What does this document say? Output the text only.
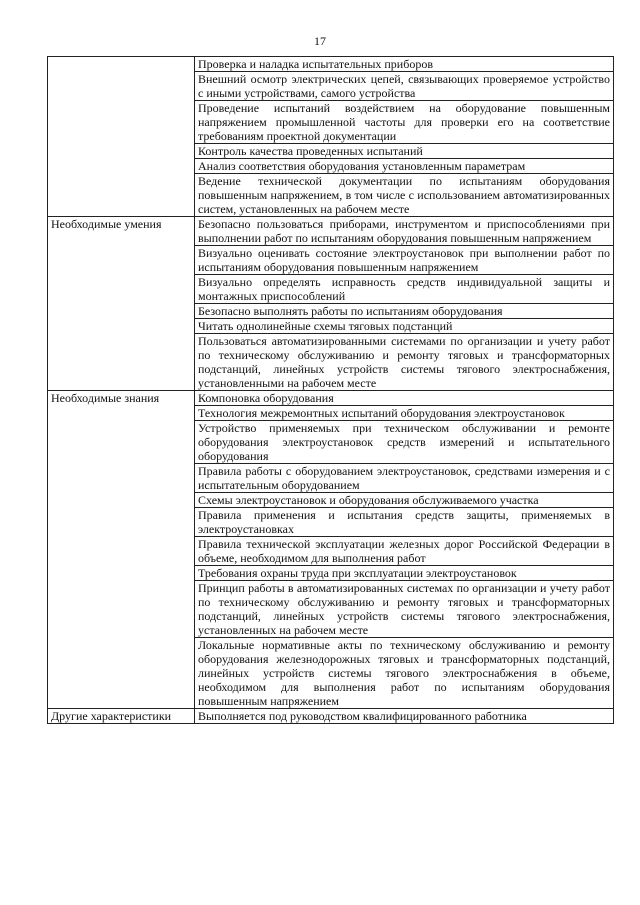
17
	Проверка и наладка испытательных приборов
	Внешний осмотр электрических цепей, связывающих проверяемое устройство с иными устройствами, самого устройства
	Проведение испытаний воздействием на оборудование повышенным напряжением промышленной частоты для проверки его на соответствие требованиям проектной документации
	Контроль качества проведенных испытаний
	Анализ соответствия оборудования установленным параметрам
	Ведение технической документации по испытаниям оборудования повышенным напряжением, в том числе с использованием автоматизированных систем, установленных на рабочем месте
Необходимые умения	Безопасно пользоваться приборами, инструментом и приспособлениями при выполнении работ по испытаниям оборудования повышенным напряжением
	Визуально оценивать состояние электроустановок при выполнении работ по испытаниям оборудования повышенным напряжением
	Визуально определять исправность средств индивидуальной защиты и монтажных приспособлений
	Безопасно выполнять работы по испытаниям оборудования
	Читать однолинейные схемы тяговых подстанций
	Пользоваться автоматизированными системами по организации и учету работ по техническому обслуживанию и ремонту тяговых и трансформаторных подстанций, линейных устройств системы тягового электроснабжения, установленными на рабочем месте
Необходимые знания	Компоновка оборудования
	Технология межремонтных испытаний оборудования электроустановок
	Устройство применяемых при техническом обслуживании и ремонте оборудования электроустановок средств измерений и испытательного оборудования
	Правила работы с оборудованием электроустановок, средствами измерения и с испытательным оборудованием
	Схемы электроустановок и оборудования обслуживаемого участка
	Правила применения и испытания средств защиты, применяемых в электроустановках
	Правила технической эксплуатации железных дорог Российской Федерации в объеме, необходимом для выполнения работ
	Требования охраны труда при эксплуатации электроустановок
	Принцип работы в автоматизированных системах по организации и учету работ по техническому обслуживанию и ремонту тяговых и трансформаторных подстанций, линейных устройств системы тягового электроснабжения, установленных на рабочем месте
	Локальные нормативные акты по техническому обслуживанию и ремонту оборудования железнодорожных тяговых и трансформаторных подстанций, линейных устройств системы тягового электроснабжения в объеме, необходимом для выполнения работ по испытаниям оборудования повышенным напряжением
Другие характеристики	Выполняется под руководством квалифицированного работника
